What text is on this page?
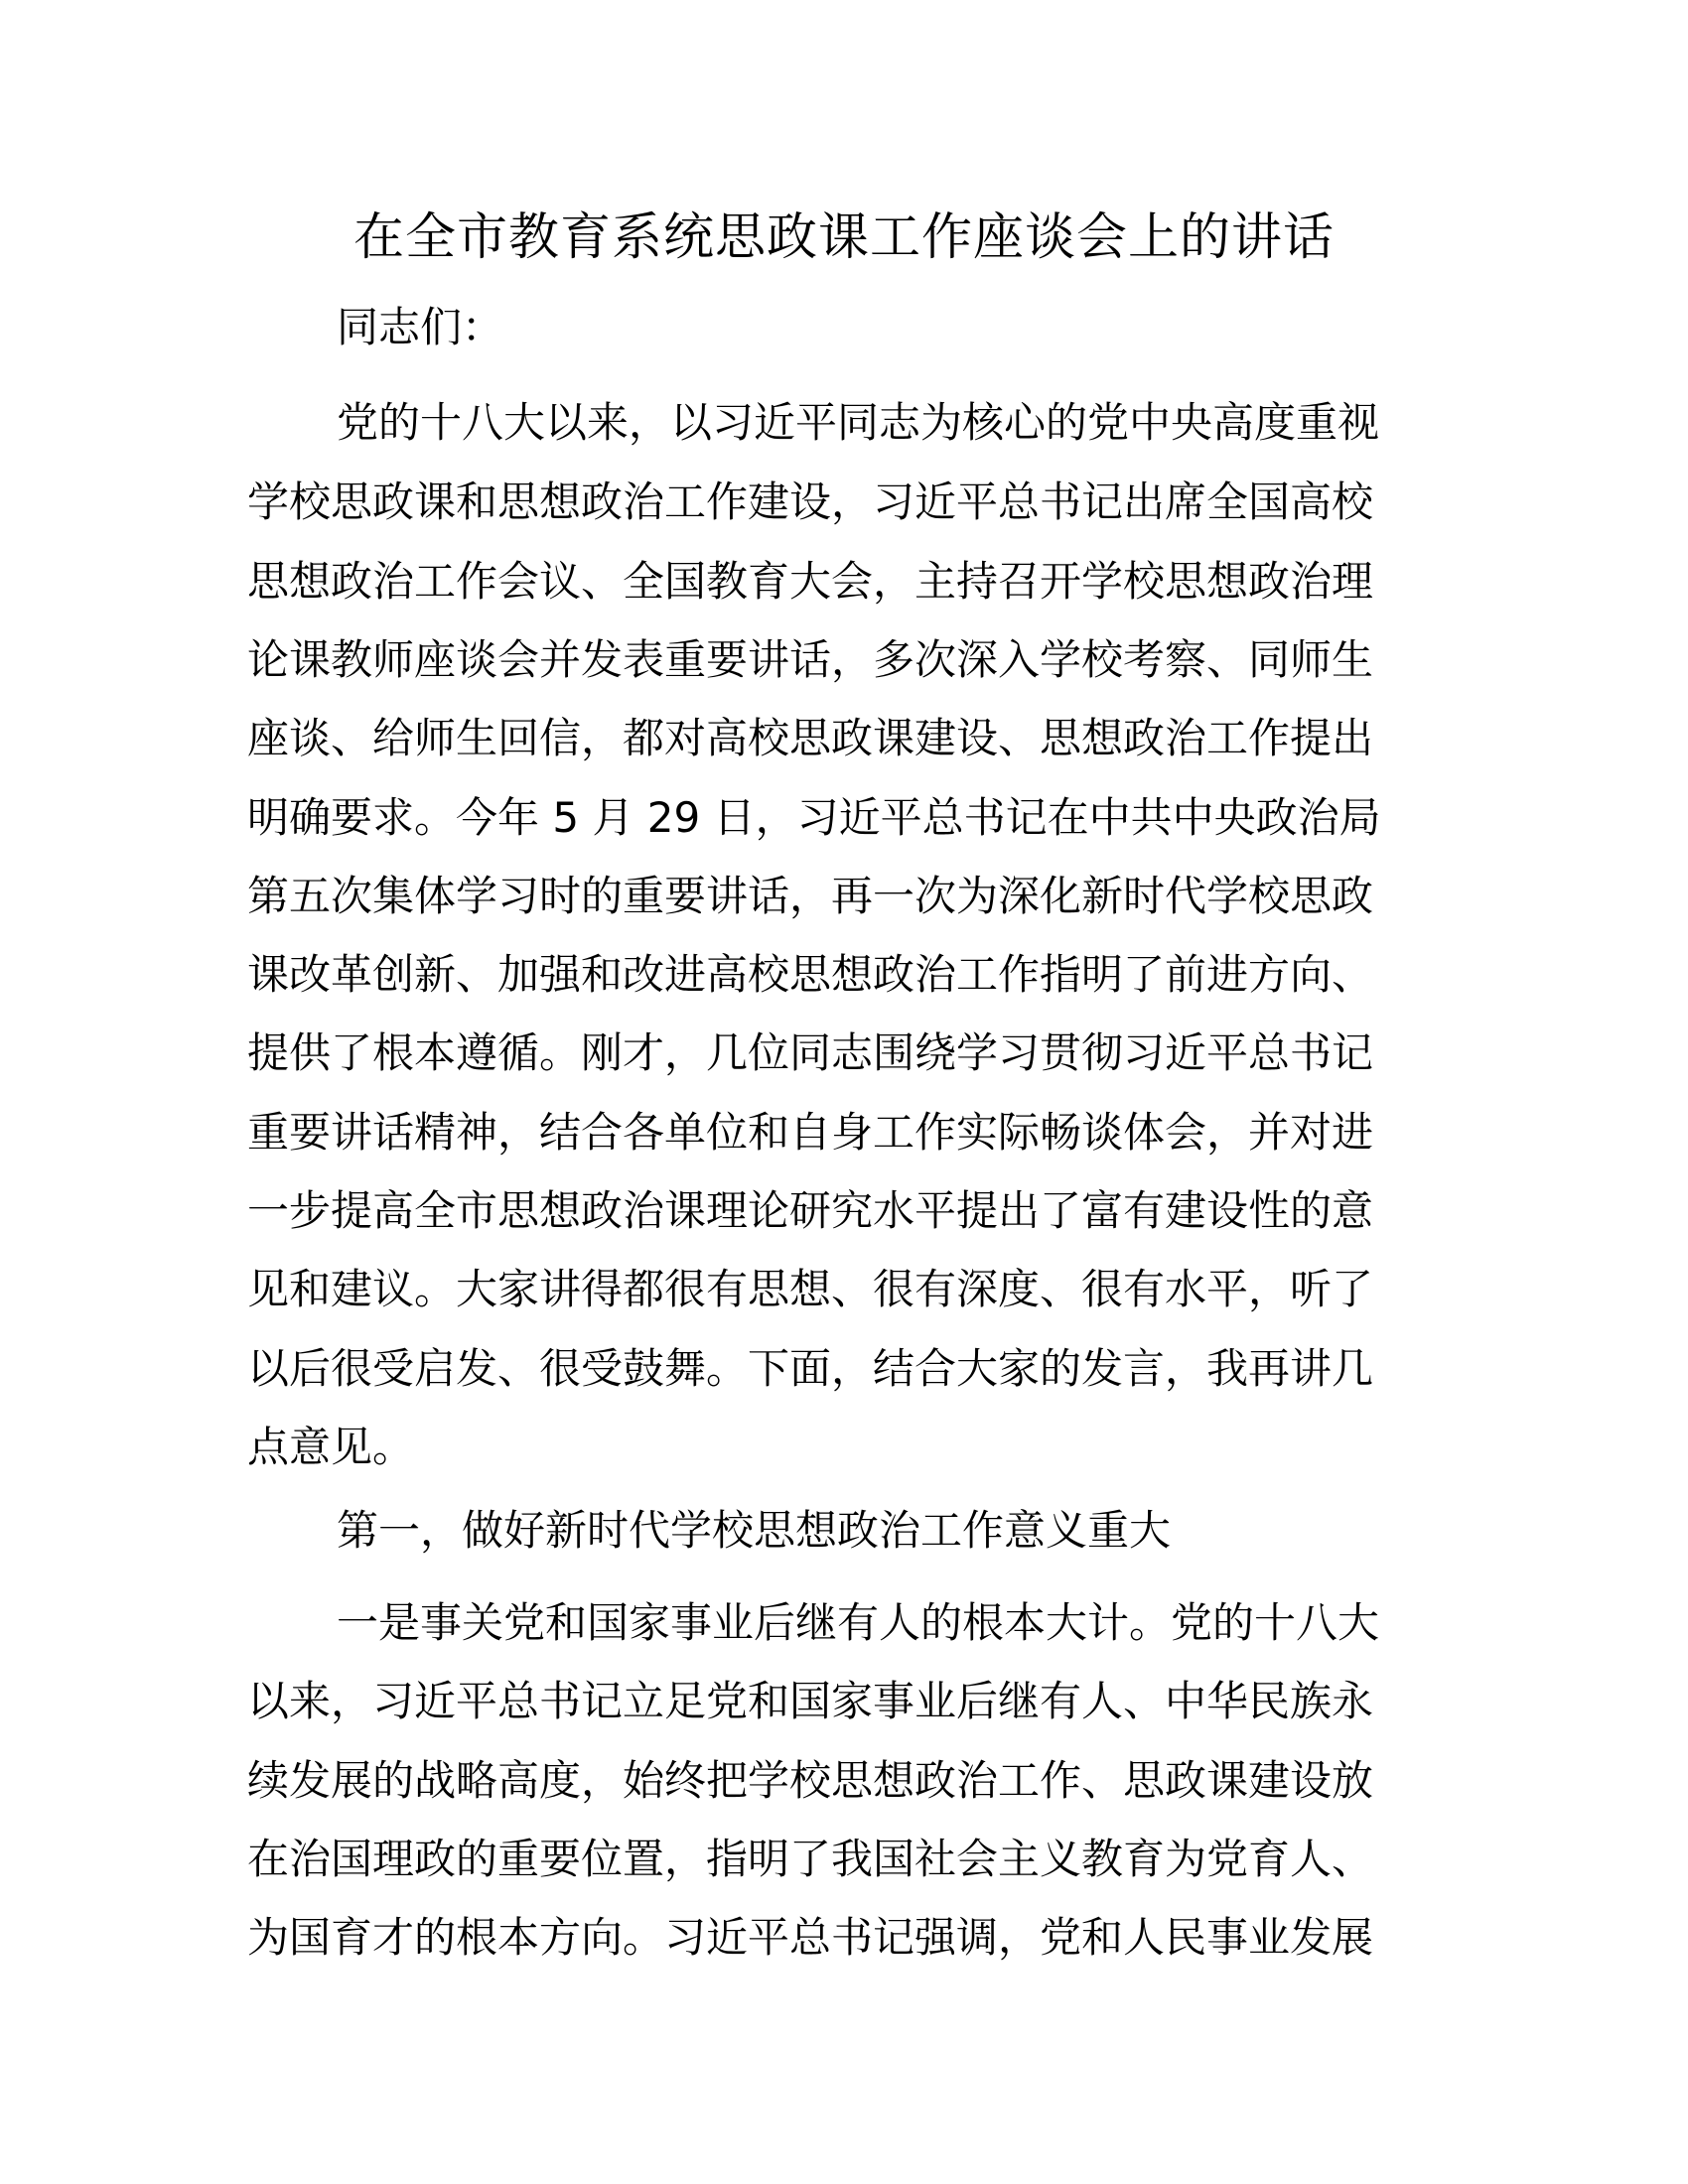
在全市教育系统思政课工作座谈会上的讲话

同志们：

党的十八大以来，以习近平同志为核心的党中央高度重视

学校思政课和思想政治工作建设，习近平总书记出席全国高校

思想政治工作会议、全国教育大会，主持召开学校思想政治理

论课教师座谈会并发表重要讲话，多次深入学校考察、同师生

座谈、给师生回信，都对高校思政课建设、思想政治工作提出

明确要求。今年 5 月 29 日，习近平总书记在中共中央政治局

第五次集体学习时的重要讲话，再一次为深化新时代学校思政

课改革创新、加强和改进高校思想政治工作指明了前进方向、

提供了根本遵循。刚才，几位同志围绕学习贯彻习近平总书记

重要讲话精神，结合各单位和自身工作实际畅谈体会，并对进

一步提高全市思想政治课理论研究水平提出了富有建设性的意

见和建议。大家讲得都很有思想、很有深度、很有水平，听了

以后很受启发、很受鼓舞。下面，结合大家的发言，我再讲几

点意见。

第一，做好新时代学校思想政治工作意义重大

一是事关党和国家事业后继有人的根本大计。党的十八大

以来，习近平总书记立足党和国家事业后继有人、中华民族永

续发展的战略高度，始终把学校思想政治工作、思政课建设放

在治国理政的重要位置，指明了我国社会主义教育为党育人、

为国育才的根本方向。习近平总书记强调，党和人民事业发展
